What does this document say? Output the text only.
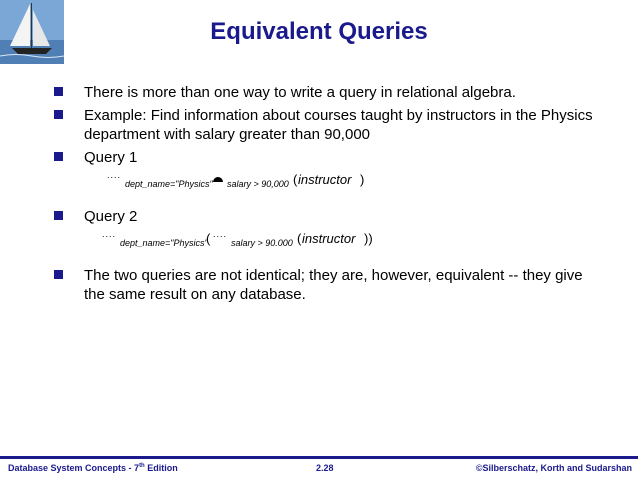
Equivalent Queries

There is more than one way to write a query in relational algebra.

Example: Find information about courses taught by instructors in the Physics department with salary greater than 90,000

Query 1

....
dept_name="Physics" salary > 90,000 ( instructor )

Query 2

....
dept_name="Physics"
( ....
salary > 90.000 ( instructor ))

The two queries are not identical; they are, however, equivalent -- they give the same result on any database.

Database System Concepts - 7th Edition	2.28	©Silberschatz, Korth and Sudarshan
